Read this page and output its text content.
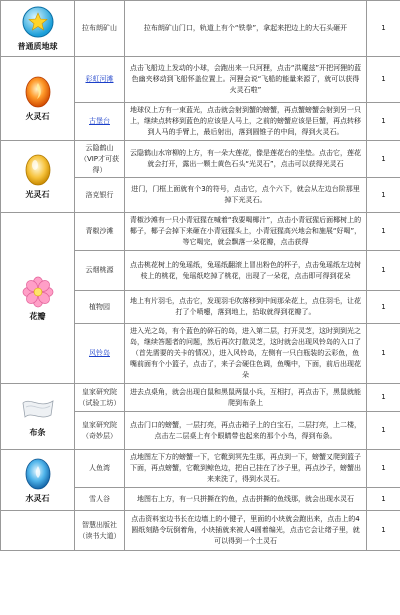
普通质地球	拉布朗矿山	拉布朗矿山门口，轨道上有个“铁拳”，拿起来把边上的大石头砸开	1

火灵石	彩虹河滩	点击飞船边上发动的小球，会跑出来一只河狸，点击“洪魔兹”开把河狸的蓝色幽夹移动到飞船怀盖位置上。河狸会说“飞船的能量来源了，就可以获得火灵石啦”	1
	古堡台	地球仪上方有一束蓝光，点击就会射到蟹的螃蟹，再点蟹螃蟹会射到另一只上，继续点转移到蓝色的应该是人马上，之前的螃蟹应该是巨蟹，再点转移到人马的手臂上，最后射出，落到圆锥子的中间，得到火灵石。	1

光灵石	云隐鹤山（VIP才可获得）	云隐鹤山水帘柳的上方，有一朵大莲花，像是莲花台的坐垫。点击它，莲花就会打开，露出一颗土黄色石头“光灵石”，点击可以获得光灵石	1
	洛克银行	进门，门框上面就有个3的符号，点击它，点个六下，就会从左边台阶那里掉下光灵石。	1

花瓣	青椒沙滩	青椒沙滩有一只小青冠猩在喊着“我要喝椰汁”，点击小青冠猩后面椰树上的椰子，椰子会掉下来砸在小青冠猩头上，小青冠猩高兴地会和施展“好喝”，等它喝完，就会飘落一朵花瓣，点击获得	1
	云烟桃源	点击桃花树上的兔瑶纸，兔瑶纸翻滚上冒出粉色的杯子，点击兔瑶纸左边树枝上的桃花，兔瑶纸吃掉了桃花，出现了一朵花，点击即可得到花朵	1
	植物园	地上有片羽毛，点击它，发现羽毛吹落移到中间那朵花上，点住羽毛，让花打了个喷嚏，落到地上，拾取就得到花瓣了。	1
	风铃岛	进入光之岛，有个蓝色的碎石的岛，进入第二层，打开灵芝，这时到到光之岛，继续答题者的问题，然后再次打散灵芝，这时就会出现风铃岛的入口了（首先需要的关卡的情况），进入风铃岛，左侧有一只白瓶装的云彩鱼，鱼嘴前面有个小篮子，点击了，来子会硬住色调，鱼嘴中，下面，前后出现花朵	1

布条	皇家研究院（试验工坊）	进去点桌角，就会出现白鼠和黑鼠两鼠小兵，互相打，再点击下，黑鼠就能爬到布条上	1
	皇家研究院（奇妙层）	点击门口的螃蟹，一层打亮，再点击箱子上的白宝石，二层打亮，上二楼，点击左二层桌上有个眼睛带也起来的那个小鸟，得到布条。	1

水灵石	人鱼湾	点地图左下方的螃蟹一下，它靴到冥先生那，再点到一下，螃蟹又爬到篮子下面，再点螃蟹，它靴到鲸色边，把自己挂在了沙子里，再点沙子，螃蟹出来来洗了，得到水灵石。	1
	雪人谷	地图右上方，有一只拼撕在钓鱼，点击拼撕的鱼线那，就会出现水灵石	1

	智慧出版社（读书大道）	点击资料室边书长在边墙上的小键子，里面的小块就会跑出来，点击上的4圆纸刻路令玩倒着角，小块插就来被人4圆着编光，点击它会让绪子里，就可以得到一个土灵石	1
